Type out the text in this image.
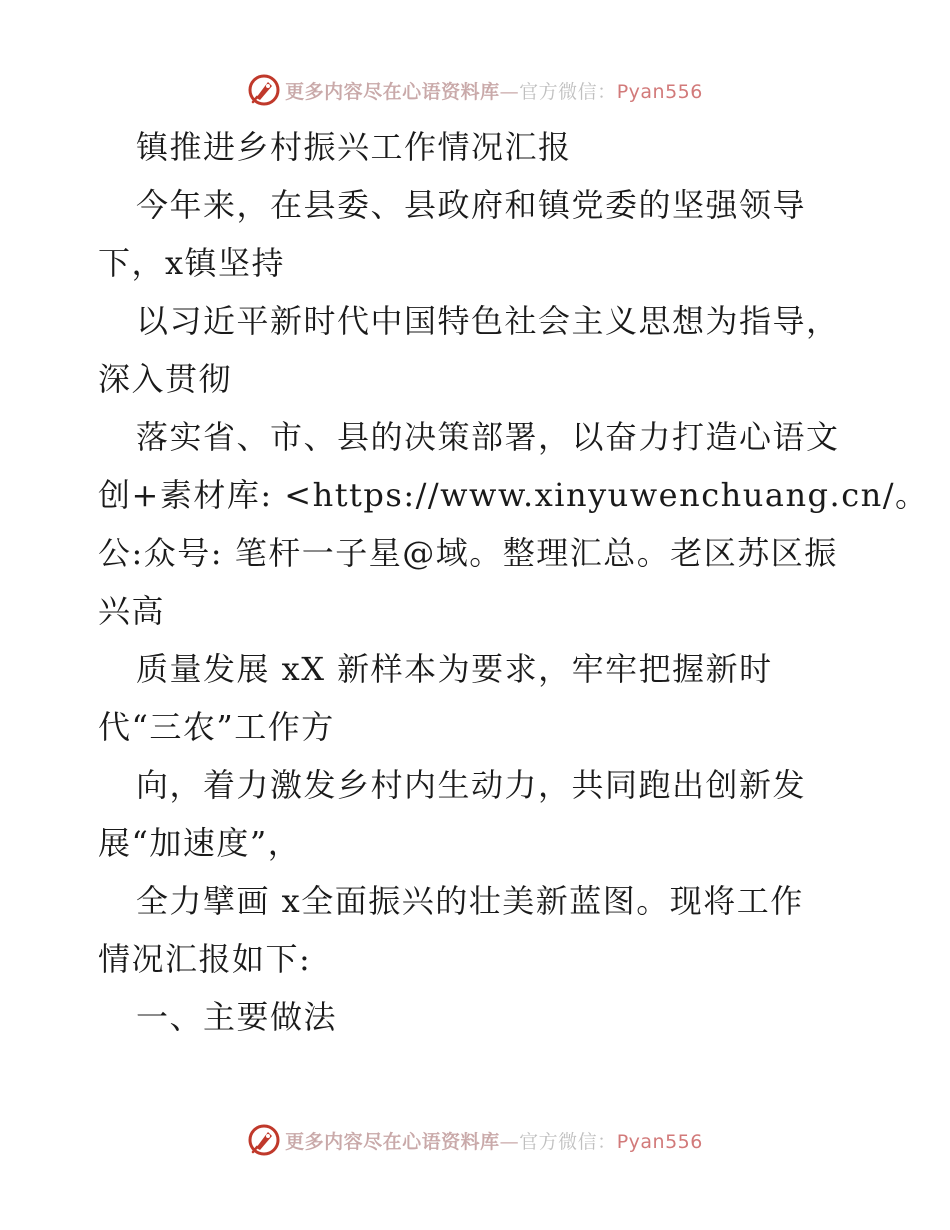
更多内容尽在心语资料库—官方微信：Pyan556
镇推进乡村振兴工作情况汇报
今年来，在县委、县政府和镇党委的坚强领导
下，x镇坚持
以习近平新时代中国特色社会主义思想为指导，
深入贯彻
落实省、市、县的决策部署，以奋力打造心语文
创+素材库: <https://www.xinyuwenchuang.cn/。
公:众号: 笔杆一子星@域。整理汇总。老区苏区振
兴高
质量发展 xX 新样本为要求，牢牢把握新时
代“三农”工作方
向，着力激发乡村内生动力，共同跑出创新发
展“加速度”，
全力擘画 x全面振兴的壮美新蓝图。现将工作
情况汇报如下:
一、主要做法
更多内容尽在心语资料库—官方微信：Pyan556
